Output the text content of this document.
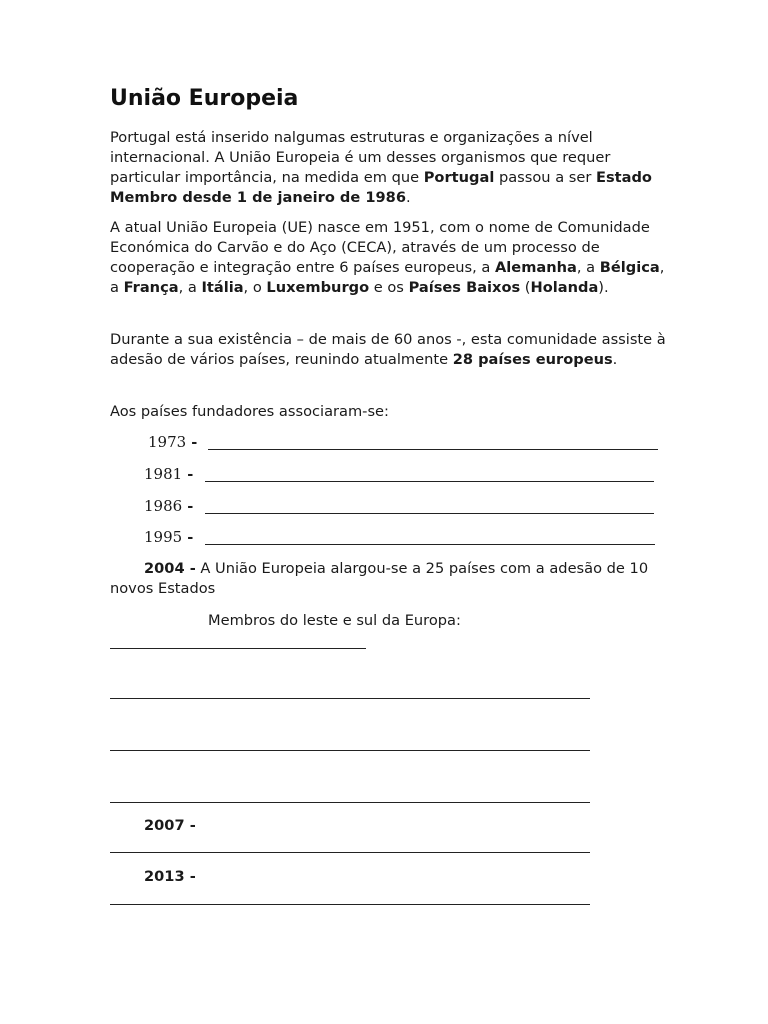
União Europeia

Portugal está inserido nalgumas estruturas e organizações a nível internacional. A União Europeia é um desses organismos que requer particular importância, na medida em que Portugal passou a ser Estado Membro desde 1 de janeiro de 1986.

A atual União Europeia (UE) nasce em 1951, com o nome de Comunidade Económica do Carvão e do Aço (CECA), através de um processo de cooperação e integração entre 6 países europeus, a Alemanha, a Bélgica, a França, a Itália, o Luxemburgo e os Países Baixos (Holanda).

Durante a sua existência – de mais de 60 anos -, esta comunidade assiste à adesão de vários países, reunindo atualmente 28 países europeus.

Aos países fundadores associaram-se:

1973 -
1981 -
1986 -
1995 -

2004 - A União Europeia alargou-se a 25 países com a adesão de 10 novos Estados

Membros do leste e sul da Europa:
2007 -
2013 -
